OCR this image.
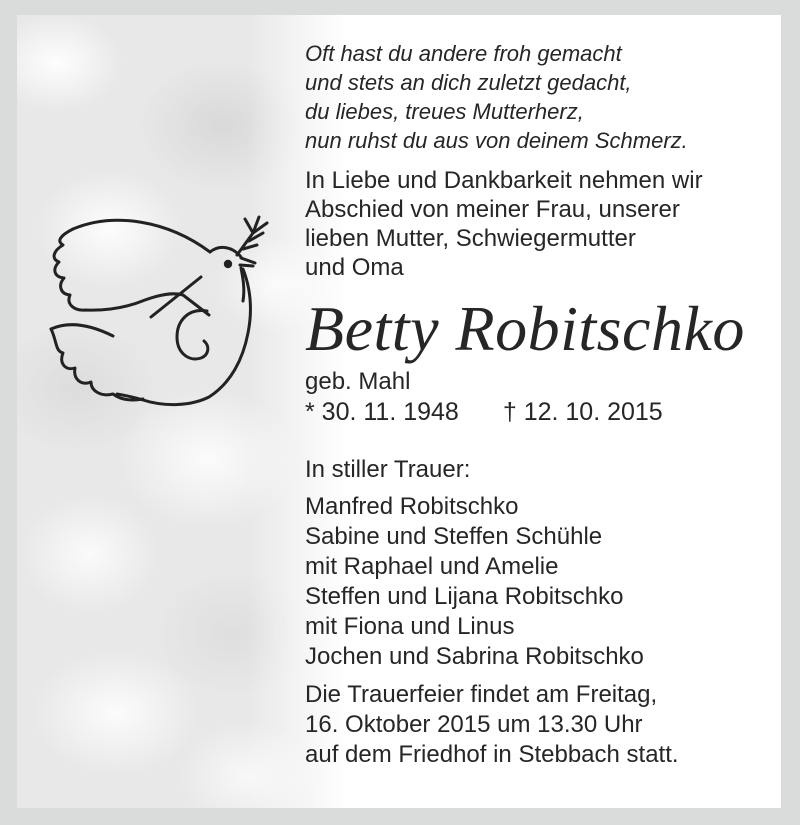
Oft hast du andere froh gemacht
und stets an dich zuletzt gedacht,
du liebes, treues Mutterherz,
nun ruhst du aus von deinem Schmerz.
In Liebe und Dankbarkeit nehmen wir
Abschied von meiner Frau, unserer
lieben Mutter, Schwiegermutter
und Oma
Betty Robitschko
geb. Mahl
* 30. 11. 1948 † 12. 10. 2015
In stiller Trauer:
Manfred Robitschko
Sabine und Steffen Schühle
mit Raphael und Amelie
Steffen und Lijana Robitschko
mit Fiona und Linus
Jochen und Sabrina Robitschko
Die Trauerfeier findet am Freitag,
16. Oktober 2015 um 13.30 Uhr
auf dem Friedhof in Stebbach statt.
